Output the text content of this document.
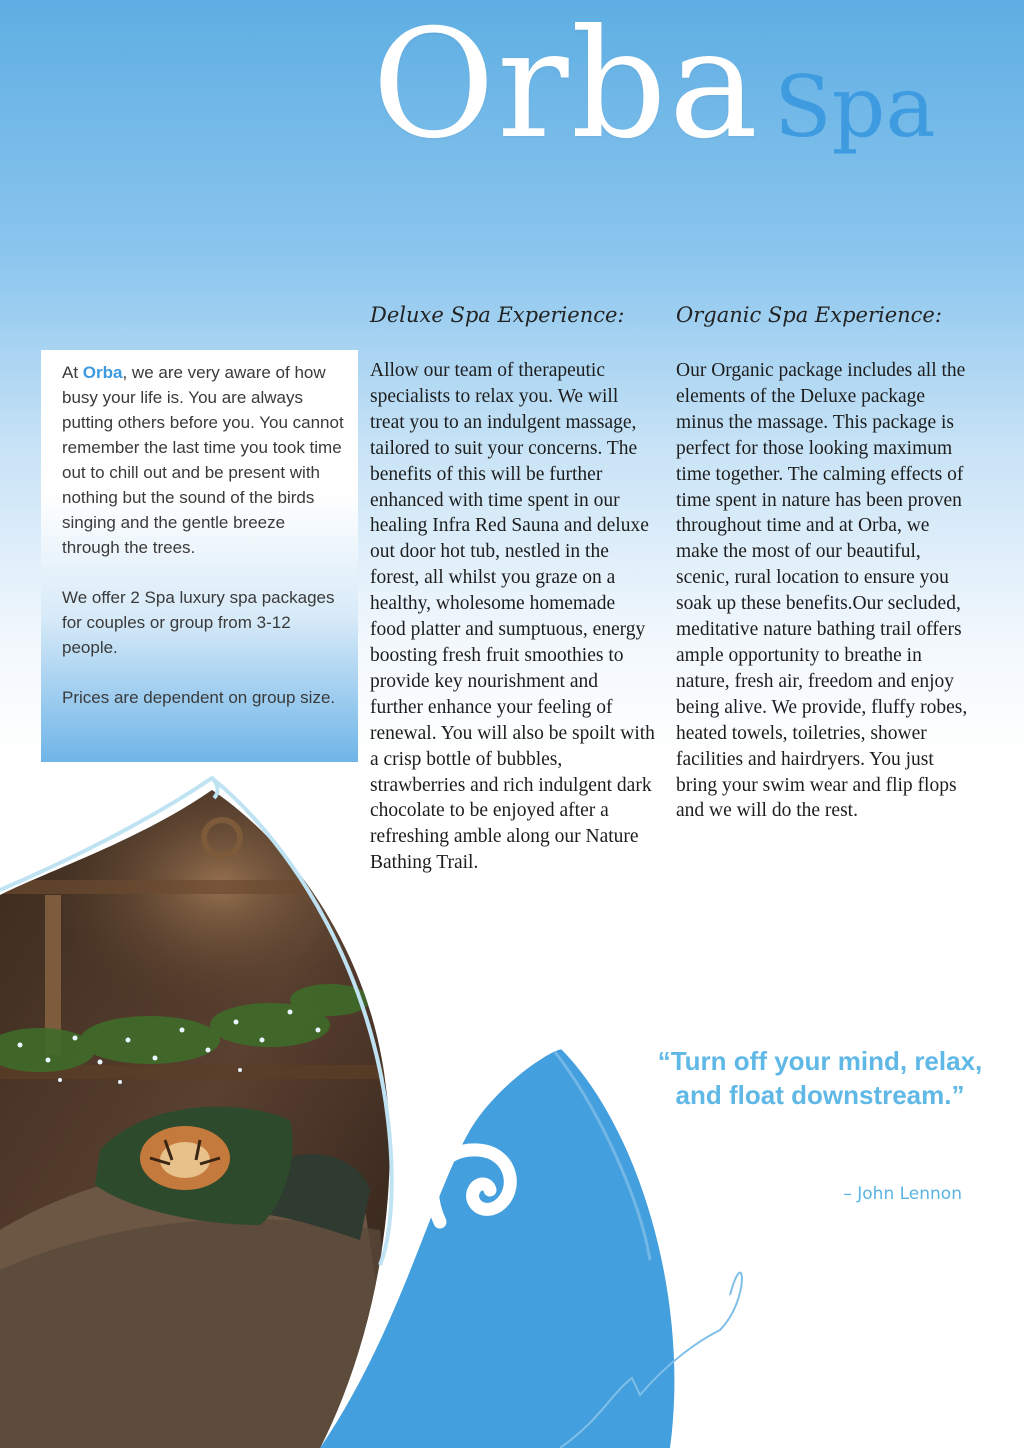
Orba Spa

At Orba, we are very aware of how busy your life is. You are always putting others before you. You cannot remember the last time you took time out to chill out and be present with nothing but the sound of the birds singing and the gentle breeze through the trees.

We offer 2 Spa luxury spa packages for couples or group from 3-12 people.

Prices are dependent on group size.

Deluxe Spa Experience:
Allow our team of therapeutic specialists to relax you. We will treat you to an indulgent massage, tailored to suit your concerns. The benefits of this will be further enhanced with time spent in our healing Infra Red Sauna and deluxe out door hot tub, nestled in the forest, all whilst you graze on a healthy, wholesome homemade food platter and sumptuous, energy boosting fresh fruit smoothies to provide key nourishment and further enhance your feeling of renewal. You will also be spoilt with a crisp bottle of bubbles, strawberries and rich indulgent dark chocolate to be enjoyed after a refreshing amble along our Nature Bathing Trail.
Organic Spa Experience:
Our Organic package includes all the elements of the Deluxe package minus the massage. This package is perfect for those looking maximum time together. The calming effects of time spent in nature has been proven throughout time and at Orba, we make the most of our beautiful, scenic, rural location to ensure you soak up these benefits.Our secluded, meditative nature bathing trail offers ample opportunity to breathe in nature, fresh air, freedom and enjoy being alive. We provide, fluffy robes, heated towels, toiletries, shower facilities and hairdryers. You just bring your swim wear and flip flops and we will do the rest.
“Turn off your mind, relax, and float downstream.”
– John Lennon
